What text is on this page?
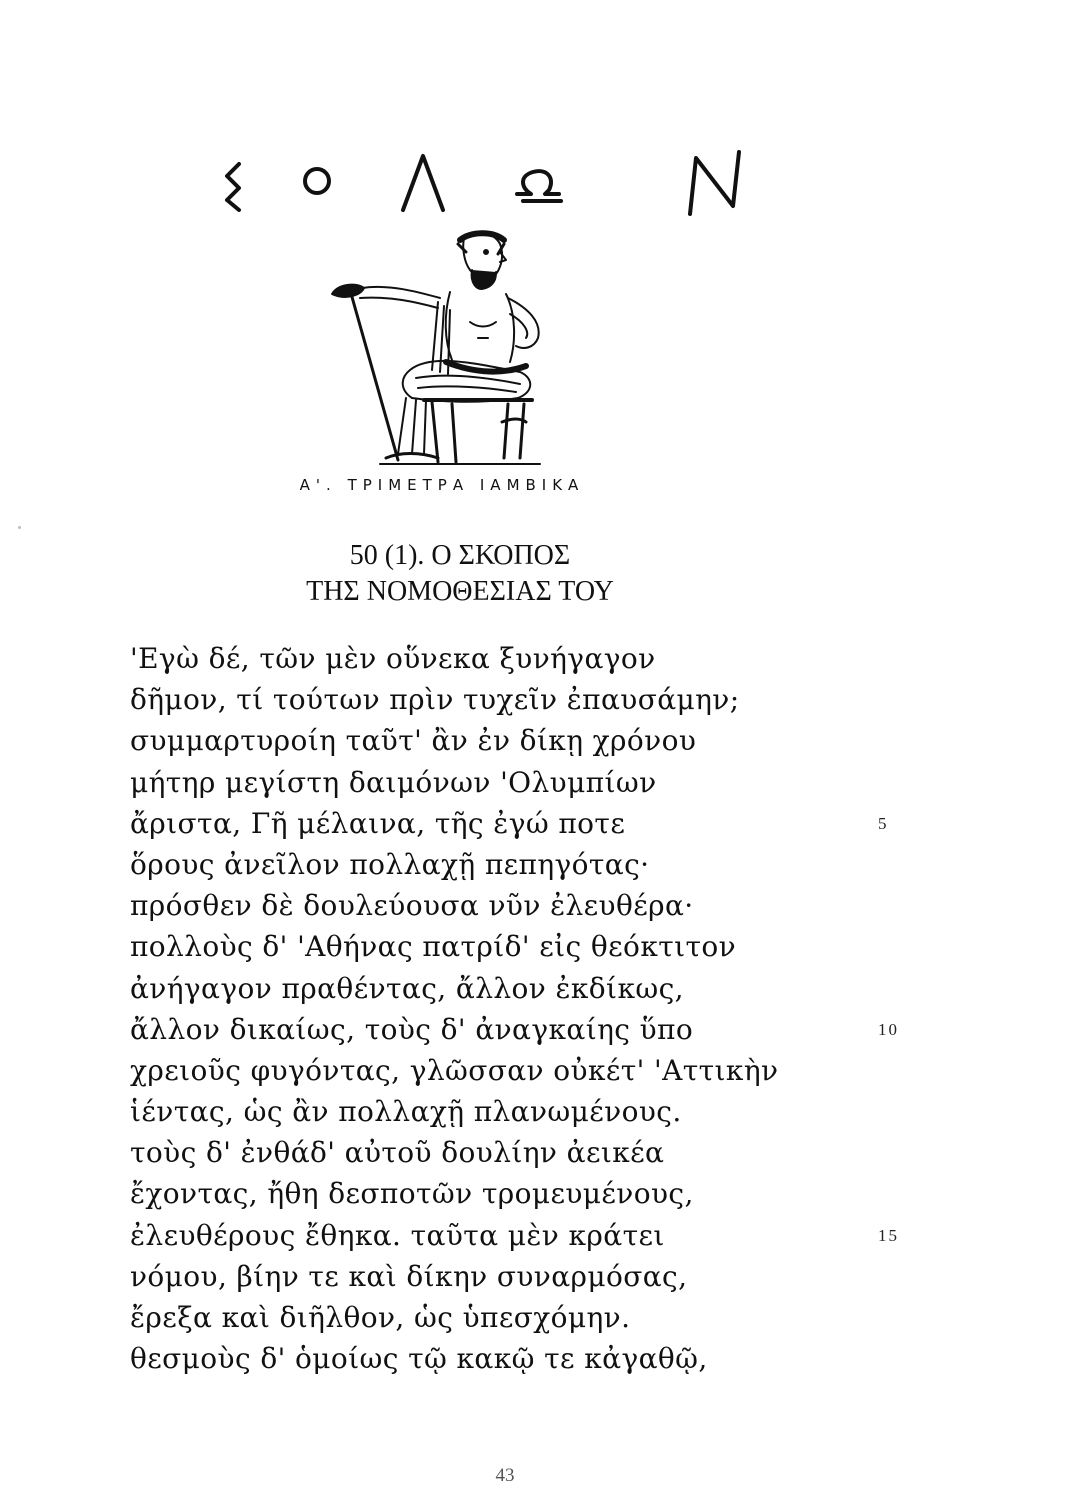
Α'. ΤΡΙΜΕΤΡΑ ΙΑΜΒΙΚΑ
50 (1). Ο ΣΚΟΠΟΣ
ΤΗΣ ΝΟΜΟΘΕΣΙΑΣ ΤΟΥ
'Εγὼ δέ, τῶν μὲν οὕνεκα ξυνήγαγον
δῆμον, τί τούτων πρὶν τυχεῖν ἐπαυσάμην;
συμμαρτυροίη ταῦτ' ἂν ἐν δίκῃ χρόνου
μήτηρ μεγίστη δαιμόνων 'Ολυμπίων
ἄριστα, Γῆ μέλαινα, τῆς ἐγώ ποτε	5
ὅρους ἀνεῖλον πολλαχῇ πεπηγότας·
πρόσθεν δὲ δουλεύουσα νῦν ἐλευθέρα·
πολλοὺς δ' 'Αθήνας πατρίδ' εἰς θεόκτιτον
ἀνήγαγον πραθέντας, ἄλλον ἐκδίκως,
ἄλλον δικαίως, τοὺς δ' ἀναγκαίης ὕπο	10
χρειοῦς φυγόντας, γλῶσσαν οὐκέτ' 'Αττικὴν
ἱέντας, ὡς ἂν πολλαχῇ πλανωμένους.
τοὺς δ' ἐνθάδ' αὐτοῦ δουλίην ἀεικέα
ἔχοντας, ἤθη δεσποτῶν τρομευμένους,
ἐλευθέρους ἔθηκα. ταῦτα μὲν κράτει	15
νόμου, βίην τε καὶ δίκην συναρμόσας,
ἔρεξα καὶ διῆλθον, ὡς ὑπεσχόμην.
θεσμοὺς δ' ὁμοίως τῷ κακῷ τε κἀγαθῷ,
43
